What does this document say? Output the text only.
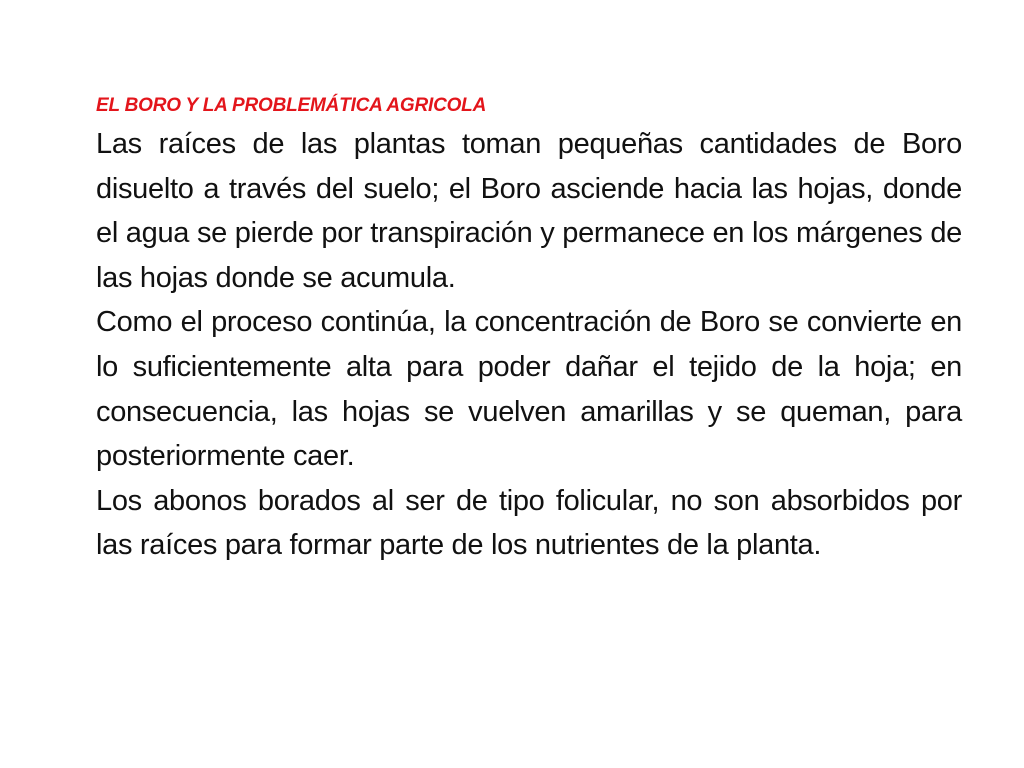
EL BORO Y LA PROBLEMÁTICA AGRICOLA

Las raíces de las plantas toman pequeñas cantidades de Boro disuelto a través del suelo; el Boro asciende hacia las hojas, donde el agua se pierde por transpiración y permanece en los márgenes de las hojas donde se acumula.

Como el proceso continúa, la concentración de Boro se convierte en lo suficientemente alta para poder dañar el tejido de la hoja; en consecuencia, las hojas se vuelven amarillas y se queman, para posteriormente caer.

Los abonos borados al ser de tipo folicular, no son absorbidos por las raíces para formar parte de los nutrientes de la planta.
